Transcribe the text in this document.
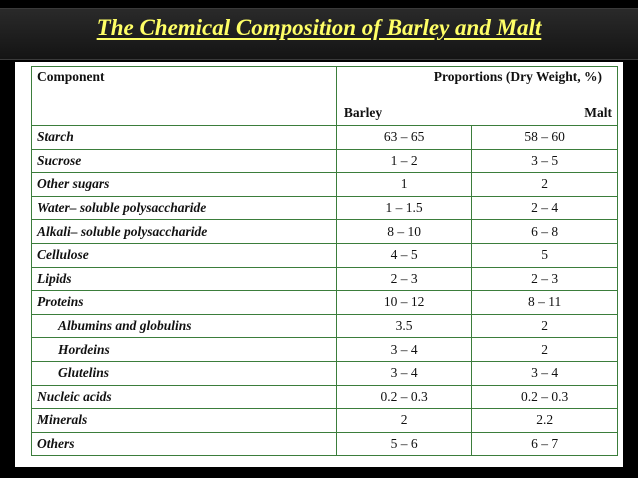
The Chemical Composition of Barley and Malt
Component	Proportions (Dry Weight, %)
Barley Malt	

Starch	63 – 65	58 – 60
Sucrose	1 – 2	3 – 5
Other sugars	1	2
Water– soluble polysaccharide	1 – 1.5	2 – 4
Alkali– soluble polysaccharide	8 – 10	6 – 8
Cellulose	4 – 5	5
Lipids	2 – 3	2 – 3
Proteins	10 – 12	8 – 11
Albumins and globulins	3.5	2
Hordeins	3 – 4	2
Glutelins	3 – 4	3 – 4
Nucleic acids	0.2 – 0.3	0.2 – 0.3
Minerals	2	2.2
Others	5 – 6	6 – 7
